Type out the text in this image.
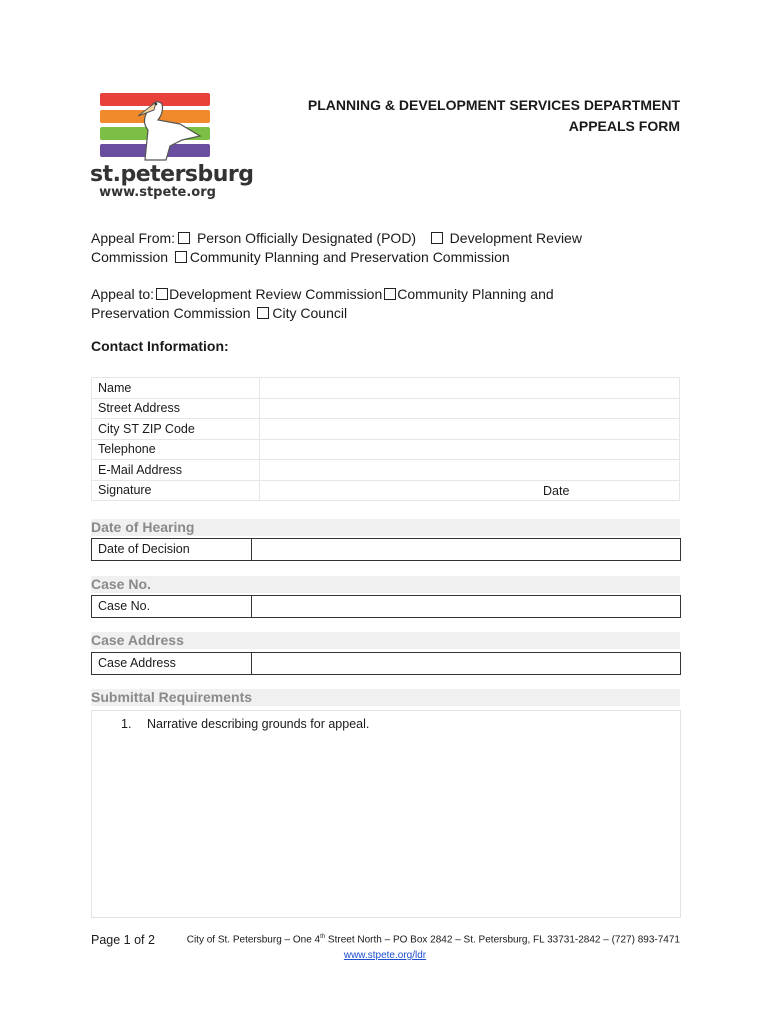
st.petersburg
www.stpete.org
PLANNING & DEVELOPMENT SERVICES DEPARTMENT
APPEALS FORM
Appeal From: Person Officially Designated (POD) Development Review
Commission Community Planning and Preservation Commission
Appeal to: Development Review Commission Community Planning and
Preservation Commission City Council
Contact Information:
Name	
Street Address	
City ST ZIP Code	
Telephone	
E-Mail Address	
Signature	Date
Date of Hearing
Date of Decision
Case No.
Case No.
Case Address
Case Address
Submittal Requirements
1. Narrative describing grounds for appeal.
Page 1 of 2	City of St. Petersburg – One 4th Street North – PO Box 2842 – St. Petersburg, FL 33731-2842 – (727) 893-7471
www.stpete.org/ldr
